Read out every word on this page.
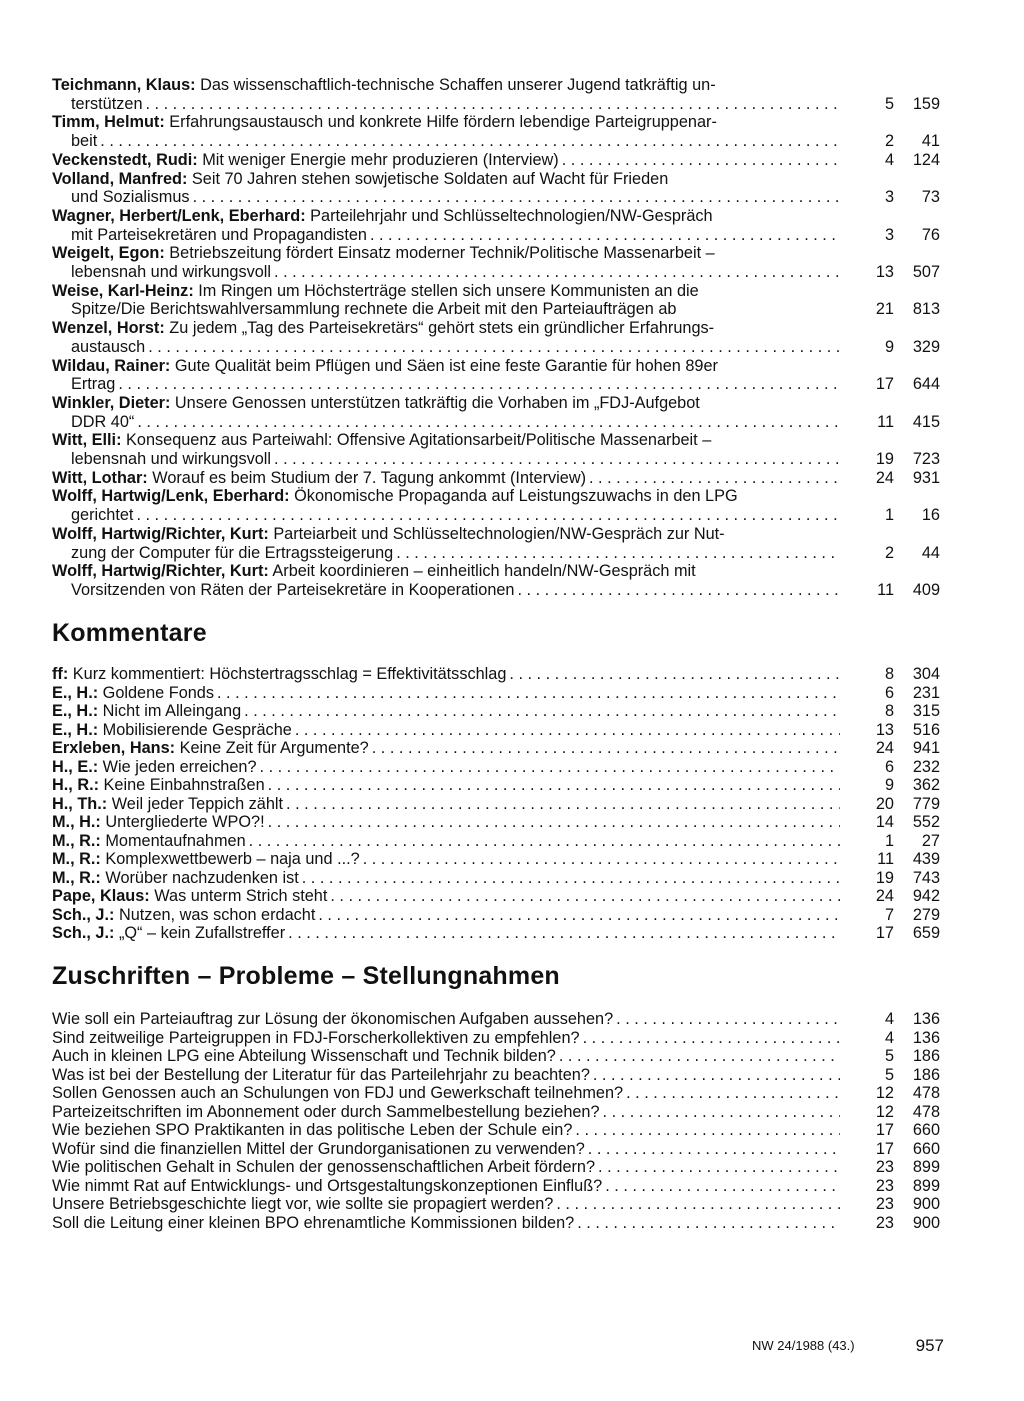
Teichmann, Klaus: Das wissenschaftlich-technische Schaffen unserer Jugend tatkräftig un-
terstützen . . .	5	159
Timm, Helmut: Erfahrungsaustausch und konkrete Hilfe fördern lebendige Parteigruppenar-
beit . . .	2	41
Veckenstedt, Rudi: Mit weniger Energie mehr produzieren (Interview) . . .	4	124
Volland, Manfred: Seit 70 Jahren stehen sowjetische Soldaten auf Wacht für Frieden
und Sozialismus . . .	3	73
Wagner, Herbert/Lenk, Eberhard: Parteilehrjahr und Schlüsseltechnologien/NW-Gespräch
mit Parteisekretären und Propagandisten . . .	3	76
Weigelt, Egon: Betriebszeitung fördert Einsatz moderner Technik/Politische Massenarbeit –
lebensnah und wirkungsvoll . . .	13	507
Weise, Karl-Heinz: Im Ringen um Höchsterträge stellen sich unsere Kommunisten an die
Spitze/Die Berichtswahlversammlung rechnete die Arbeit mit den Parteiaufträgen ab	21	813
Wenzel, Horst: Zu jedem „Tag des Parteisekretärs“ gehört stets ein gründlicher Erfahrungs-
austausch . . .	9	329
Wildau, Rainer: Gute Qualität beim Pflügen und Säen ist eine feste Garantie für hohen 89er
Ertrag . . .	17	644
Winkler, Dieter: Unsere Genossen unterstützen tatkräftig die Vorhaben im „FDJ-Aufgebot
DDR 40“ . . .	11	415
Witt, Elli: Konsequenz aus Parteiwahl: Offensive Agitationsarbeit/Politische Massenarbeit –
lebensnah und wirkungsvoll . . .	19	723
Witt, Lothar: Worauf es beim Studium der 7. Tagung ankommt (Interview) . . .	24	931
Wolff, Hartwig/Lenk, Eberhard: Ökonomische Propaganda auf Leistungszuwachs in den LPG
gerichtet . . .	1	16
Wolff, Hartwig/Richter, Kurt: Parteiarbeit und Schlüsseltechnologien/NW-Gespräch zur Nut-
zung der Computer für die Ertragssteigerung . . .	2	44
Wolff, Hartwig/Richter, Kurt: Arbeit koordinieren – einheitlich handeln/NW-Gespräch mit
Vorsitzenden von Räten der Parteisekretäre in Kooperationen . . .	11	409
Kommentare
ff: Kurz kommentiert: Höchstertragsschlag = Effektivitätsschlag . . .	8	304
E., H.: Goldene Fonds . . .	6	231
E., H.: Nicht im Alleingang . . .	8	315
E., H.: Mobilisierende Gespräche . . .	13	516
Erxleben, Hans: Keine Zeit für Argumente? . . .	24	941
H., E.: Wie jeden erreichen? . . .	6	232
H., R.: Keine Einbahnstraßen . . .	9	362
H., Th.: Weil jeder Teppich zählt . . .	20	779
M., H.: Untergliederte WPO?! . . .	14	552
M., R.: Momentaufnahmen . . .	1	27
M., R.: Komplexwettbewerb – naja und ...? . . .	11	439
M., R.: Worüber nachzudenken ist . . .	19	743
Pape, Klaus: Was unterm Strich steht . . .	24	942
Sch., J.: Nutzen, was schon erdacht . . .	7	279
Sch., J.: „Q“ – kein Zufallstreffer . . .	17	659
Zuschriften – Probleme – Stellungnahmen
Wie soll ein Parteiauftrag zur Lösung der ökonomischen Aufgaben aussehen? . . .	4	136
Sind zeitweilige Parteigruppen in FDJ-Forscherkollektiven zu empfehlen? . . .	4	136
Auch in kleinen LPG eine Abteilung Wissenschaft und Technik bilden? . . .	5	186
Was ist bei der Bestellung der Literatur für das Parteilehrjahr zu beachten? . . .	5	186
Sollen Genossen auch an Schulungen von FDJ und Gewerkschaft teilnehmen? . . .	12	478
Parteizeitschriften im Abonnement oder durch Sammelbestellung beziehen? . . .	12	478
Wie beziehen SPO Praktikanten in das politische Leben der Schule ein? . . .	17	660
Wofür sind die finanziellen Mittel der Grundorganisationen zu verwenden? . . .	17	660
Wie politischen Gehalt in Schulen der genossenschaftlichen Arbeit fördern? . . .	23	899
Wie nimmt Rat auf Entwicklungs- und Ortsgestaltungskonzeptionen Einfluß? . . .	23	899
Unsere Betriebsgeschichte liegt vor, wie sollte sie propagiert werden? . . .	23	900
Soll die Leitung einer kleinen BPO ehrenamtliche Kommissionen bilden? . . .	23	900
NW 24/1988 (43.)	957
